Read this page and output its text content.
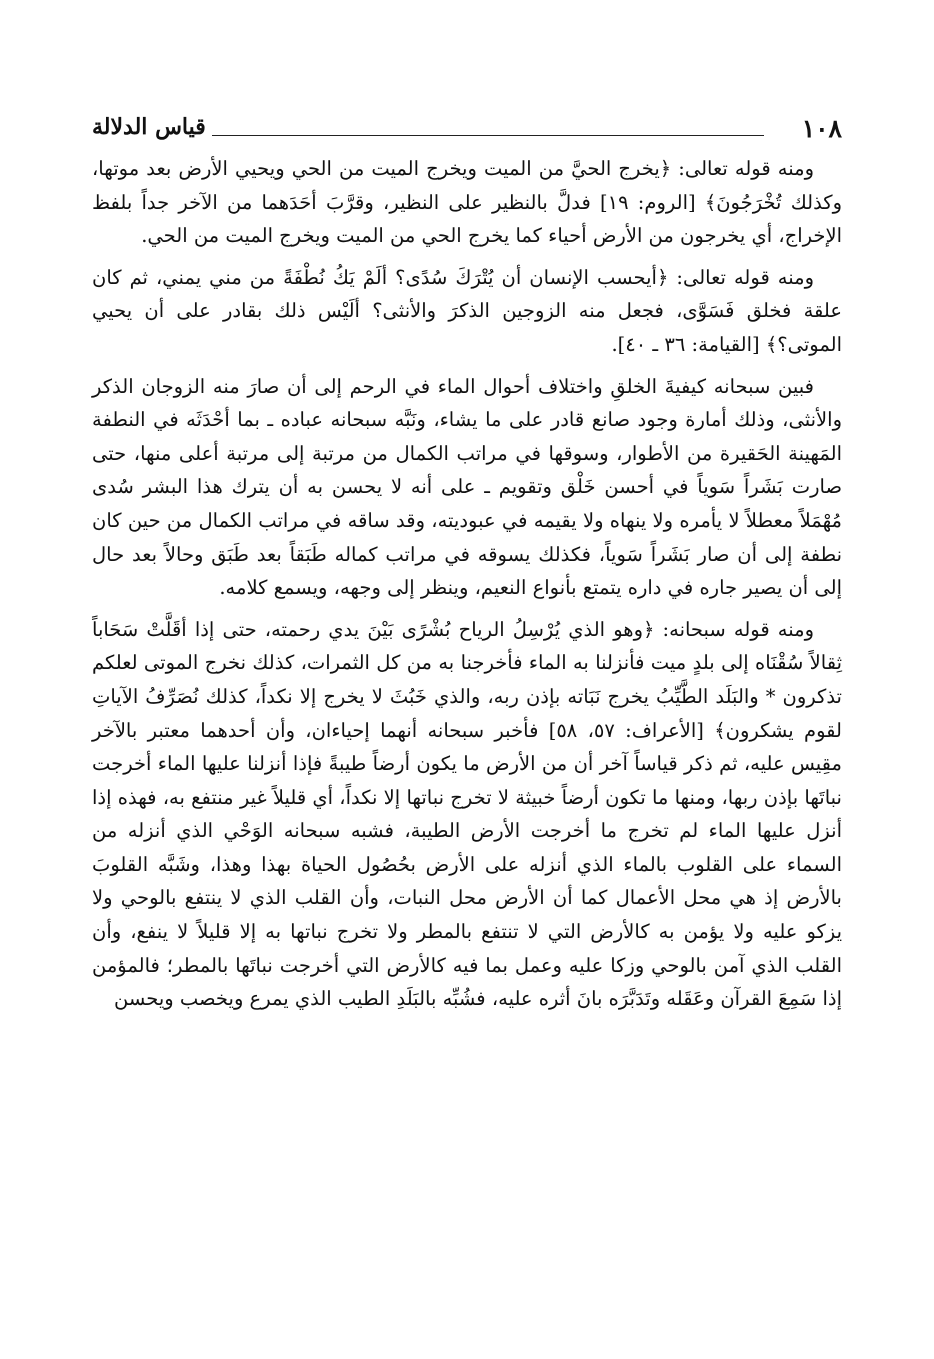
١٠٨
قياس الدلالة

ومنه قوله تعالى: ﴿يخرج الحيَّ من الميت ويخرج الميت من الحي ويحيي الأرض بعد موتها، وكذلك تُخْرَجُونَ﴾ [الروم: ١٩] فدلَّ بالنظير على النظير، وقرَّبَ أحَدَهما من الآخر جداً بلفظ الإخراج، أي يخرجون من الأرض أحياء كما يخرج الحي من الميت ويخرج الميت من الحي.

ومنه قوله تعالى: ﴿أيحسب الإنسان أن يُتْرَكَ سُدًى؟ ألَمْ يَكُ نُطْفَةً من مني يمني، ثم كان علقة فخلق فَسَوَّى، فجعل منه الزوجين الذكرَ والأنثى؟ ألَيْس ذلك بقادر على أن يحيي الموتى؟﴾ [القيامة: ٣٦ ـ ٤٠].

فبين سبحانه كيفيةَ الخلقِ واختلاف أحوال الماء في الرحم إلى أن صارَ منه الزوجان الذكر والأنثى، وذلك أمارة وجود صانع قادر على ما يشاء، ونَبَّه سبحانه عباده ـ بما أحْدَثَه في النطفة المَهينة الحَقيرة من الأطوار، وسوقها في مراتب الكمال من مرتبة إلى مرتبة أعلى منها، حتى صارت بَشَراً سَوياً في أحسن خَلْق وتقويم ـ على أنه لا يحسن به أن يترك هذا البشر سُدى مُهْمَلاً معطلاً لا يأمره ولا ينهاه ولا يقيمه في عبوديته، وقد ساقه في مراتب الكمال من حين كان نطفة إلى أن صار بَشَراً سَوياً، فكذلك يسوقه في مراتب كماله طَبَقاً بعد طَبَق وحالاً بعد حال إلى أن يصير جاره في داره يتمتع بأنواع النعيم، وينظر إلى وجهه، ويسمع كلامه.

ومنه قوله سبحانه: ﴿وهو الذي يُرْسِلُ الرياح بُشْرًى بَيْنَ يدي رحمته، حتى إذا أقَلَّتْ سَحَاباً ثِقالاً سُقْنَاه إلى بلدٍ ميت فأنزلنا به الماء فأخرجنا به من كل الثمرات، كذلك نخرج الموتى لعلكم تذكرون * والبَلَد الطَّيِّبُ يخرج نَبَاته بإذن ربه، والذي خَبُثَ لا يخرج إلا نكداً، كذلك نُصَرِّفُ الآياتِ لقوم يشكرون﴾ [الأعراف: ٥٧، ٥٨] فأخبر سبحانه أنهما إحياءان، وأن أحدهما معتبر بالآخر مقِيس عليه، ثم ذكر قياساً آخر أن من الأرض ما يكون أرضاً طيبةً فإذا أنزلنا عليها الماء أخرجت نباتَها بإذن ربها، ومنها ما تكون أرضاً خبيثة لا تخرج نباتها إلا نكداً، أي قليلاً غير منتفع به، فهذه إذا أنزل عليها الماء لم تخرج ما أخرجت الأرض الطيبة، فشبه سبحانه الوَحْي الذي أنزله من السماء على القلوب بالماء الذي أنزله على الأرض بحُصُول الحياة بهذا وهذا، وشَبَّه القلوبَ بالأرض إذ هي محل الأعمال كما أن الأرض محل النبات، وأن القلب الذي لا ينتفع بالوحي ولا يزكو عليه ولا يؤمن به كالأرض التي لا تنتفع بالمطر ولا تخرج نباتها به إلا قليلاً لا ينفع، وأن القلب الذي آمن بالوحي وزكا عليه وعمل بما فيه كالأرض التي أخرجت نباتَها بالمطر؛ فالمؤمن إذا سَمِعَ القرآن وعَقَله وتَدَبَّرَه بانَ أثره عليه، فشُبِّه بالبَلَدِ الطيب الذي يمرع ويخصب ويحسن
